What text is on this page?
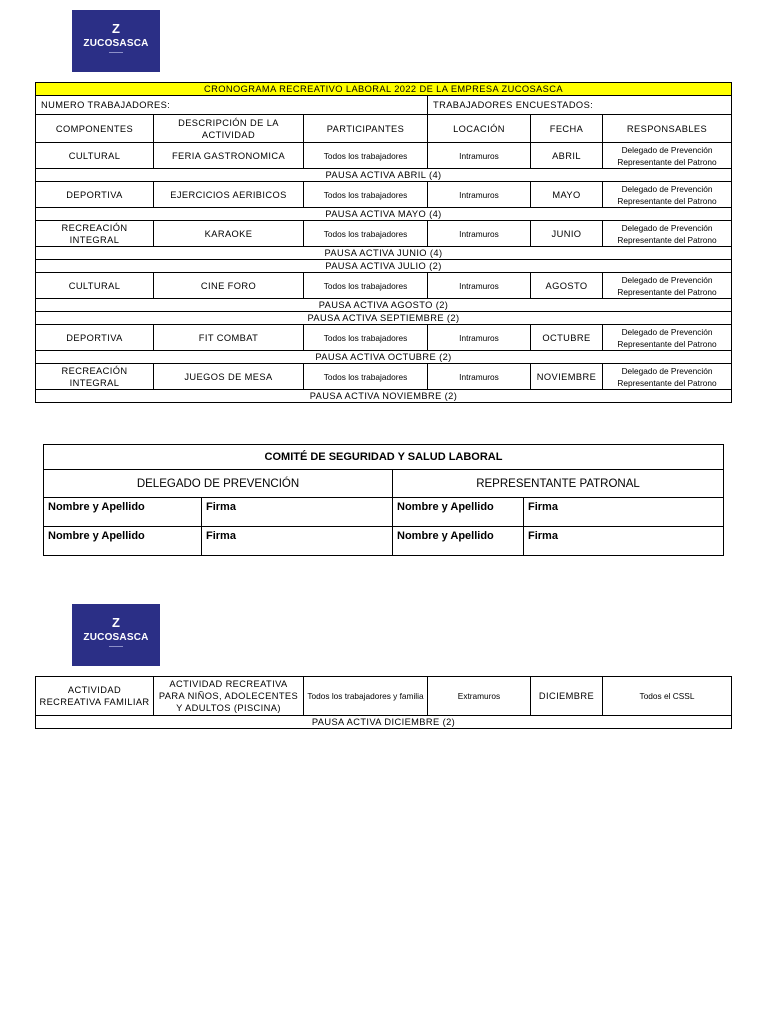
Z
ZUCOSASCA
CRONOGRAMA RECREATIVO LABORAL 2022 DE LA EMPRESA ZUCOSASCA					
NUMERO TRABAJADORES:			TRABAJADORES ENCUESTADOS:		
COMPONENTES	DESCRIPCIÓN DE LA ACTIVIDAD	PARTICIPANTES	LOCACIÓN	FECHA	RESPONSABLES
CULTURAL	FERIA GASTRONOMICA	Todos los trabajadores	Intramuros	ABRIL	Delegado de Prevención
Representante del Patrono
PAUSA ACTIVA ABRIL (4)					
DEPORTIVA	EJERCICIOS AERIBICOS	Todos los trabajadores	Intramuros	MAYO	Delegado de Prevención
Representante del Patrono
PAUSA ACTIVA MAYO (4)					
RECREACIÓN INTEGRAL	KARAOKE	Todos los trabajadores	Intramuros	JUNIO	Delegado de Prevención
Representante del Patrono
PAUSA ACTIVA JUNIO (4)					
PAUSA ACTIVA JULIO (2)					
CULTURAL	CINE FORO	Todos los trabajadores	Intramuros	AGOSTO	Delegado de Prevención
Representante del Patrono
PAUSA ACTIVA AGOSTO (2)					
PAUSA ACTIVA SEPTIEMBRE (2)					
DEPORTIVA	FIT COMBAT	Todos los trabajadores	Intramuros	OCTUBRE	Delegado de Prevención
Representante del Patrono
PAUSA ACTIVA OCTUBRE (2)					
RECREACIÓN INTEGRAL	JUEGOS DE MESA	Todos los trabajadores	Intramuros	NOVIEMBRE	Delegado de Prevención
Representante del Patrono
PAUSA ACTIVA NOVIEMBRE (2)					
COMITÉ DE SEGURIDAD Y SALUD LABORAL			
DELEGADO DE PREVENCIÓN		REPRESENTANTE PATRONAL	
Nombre y Apellido	Firma	Nombre y Apellido	Firma
Nombre y Apellido	Firma	Nombre y Apellido	Firma
Z
ZUCOSASCA
ACTIVIDAD RECREATIVA FAMILIAR	ACTIVIDAD RECREATIVA PARA NIÑOS, ADOLECENTES Y ADULTOS (PISCINA)	Todos los trabajadores y familia	Extramuros	DICIEMBRE	Todos el CSSL
PAUSA ACTIVA DICIEMBRE (2)
